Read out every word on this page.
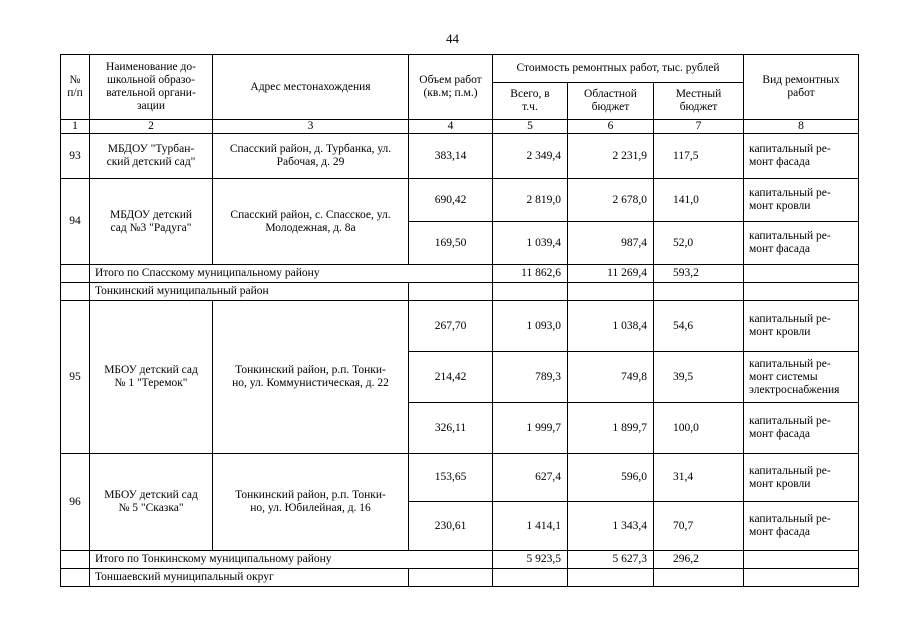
44
№
п/п	Наименование до-
школьной образо-
вательной органи-
зации	Адрес местонахождения	Объем работ
(кв.м; п.м.)	Стоимость ремонтных работ, тыс. рублей			Вид ремонтных
работ
				Всего, в
т.ч.	Областной
бюджет	Местный
бюджет	
1	2	3	4	5	6	7	8
93	МБДОУ "Турбан-
ский детский сад"	Спасский район, д. Турбанка, ул.
Рабочая, д. 29	383,14	2 349,4	2 231,9	117,5	капитальный ре-
монт фасада
94	МБДОУ детский
сад №3 "Радуга"	Спасский район, с. Спасское, ул.
Молодежная, д. 8а	690,42	2 819,0	2 678,0	141,0	капитальный ре-
монт кровли
			169,50	1 039,4	987,4	52,0	капитальный ре-
монт фасада
	Итого по Спасскому муниципальному району			11 862,6	11 269,4	593,2	
	Тонкинский муниципальный район						
95	МБОУ детский сад
№ 1 "Теремок"	Тонкинский район, р.п. Тонки-
но, ул. Коммунистическая, д. 22	267,70	1 093,0	1 038,4	54,6	капитальный ре-
монт кровли
			214,42	789,3	749,8	39,5	капитальный ре-
монт системы
электроснабжения
			326,11	1 999,7	1 899,7	100,0	капитальный ре-
монт фасада
96	МБОУ детский сад
№ 5 "Сказка"	Тонкинский район, р.п. Тонки-
но, ул. Юбилейная, д. 16	153,65	627,4	596,0	31,4	капитальный ре-
монт кровли
			230,61	1 414,1	1 343,4	70,7	капитальный ре-
монт фасада
	Итого по Тонкинскому муниципальному району			5 923,5	5 627,3	296,2	
	Тоншаевский муниципальный округ						
